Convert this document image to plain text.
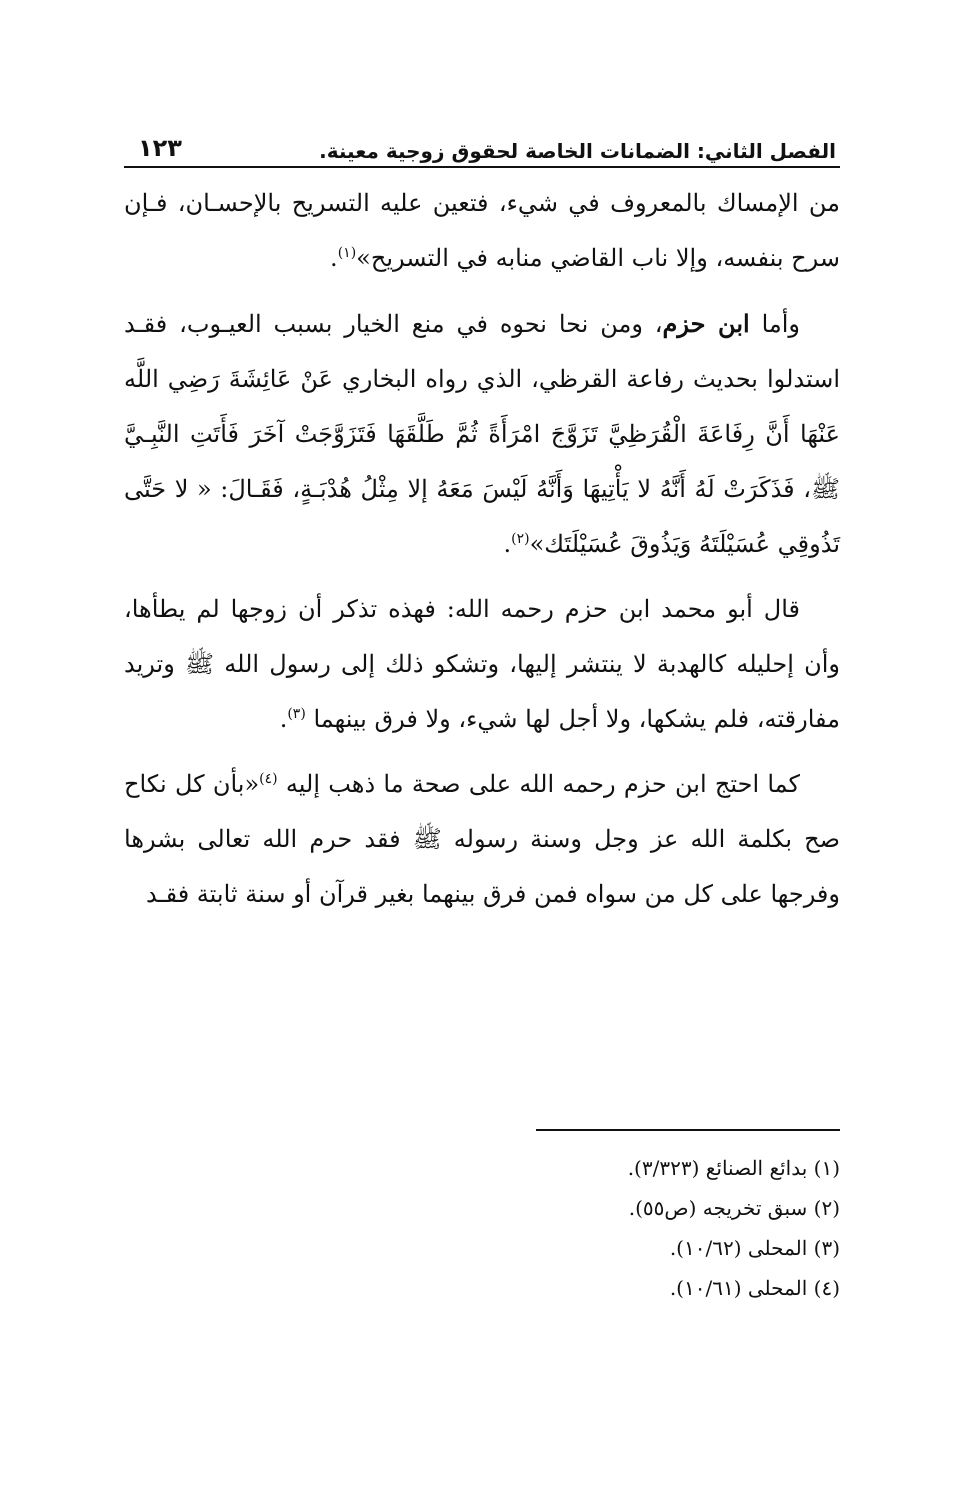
الفصل الثاني: الضمانات الخاصة لحقوق زوجية معينة.
١٢٣

من الإمساك بالمعروف في شيء، فتعين عليه التسريح بالإحسـان، فـإن سرح بنفسه، وإلا ناب القاضي منابه في التسريح»$^{(١)}$.

وأما ابن حزم، ومن نحا نحوه في منع الخيار بسبب العيـوب، فقـد استدلوا بحديث رفاعة القرظي، الذي رواه البخاري عَنْ عَائِشَةَ رَضِي اللَّه عَنْهَا أَنَّ رِفَاعَةَ الْقُرَظِيَّ تَزَوَّجَ امْرَأَةً ثُمَّ طَلَّقَهَا فَتَزَوَّجَتْ آخَرَ فَأَتَتِ النَّبِـيَّ ﷺ، فَذَكَرَتْ لَهُ أَنَّهُ لا يَأْتِيهَا وَأَنَّهُ لَيْسَ مَعَهُ إلا مِثْلُ هُدْبَـةٍ، فَقَـالَ: « لا حَتَّى تَذُوقِي عُسَيْلَتَهُ وَيَذُوقَ عُسَيْلَتَك»$^{(٢)}$.

قال أبو محمد ابن حزم رحمه الله: فهذه تذكر أن زوجها لم يطأها، وأن إحليله كالهدبة لا ينتشر إليها، وتشكو ذلك إلى رسول الله ﷺ وتريد مفارقته، فلم يشكها، ولا أجل لها شيء، ولا فرق بينهما $^{(٣)}$.

كما احتج ابن حزم رحمه الله على صحة ما ذهب إليه $^{(٤)}$«بأن كل نكاح صح بكلمة الله عز وجل وسنة رسوله ﷺ فقد حرم الله تعالى بشرها وفرجها على كل من سواه فمن فرق بينهما بغير قرآن أو سنة ثابتة فقـد

(١) بدائع الصنائع (٣/٣٢٣).
(٢) سبق تخريجه (ص٥٥).
(٣) المحلى (١٠/٦٢).
(٤) المحلى (١٠/٦١).
